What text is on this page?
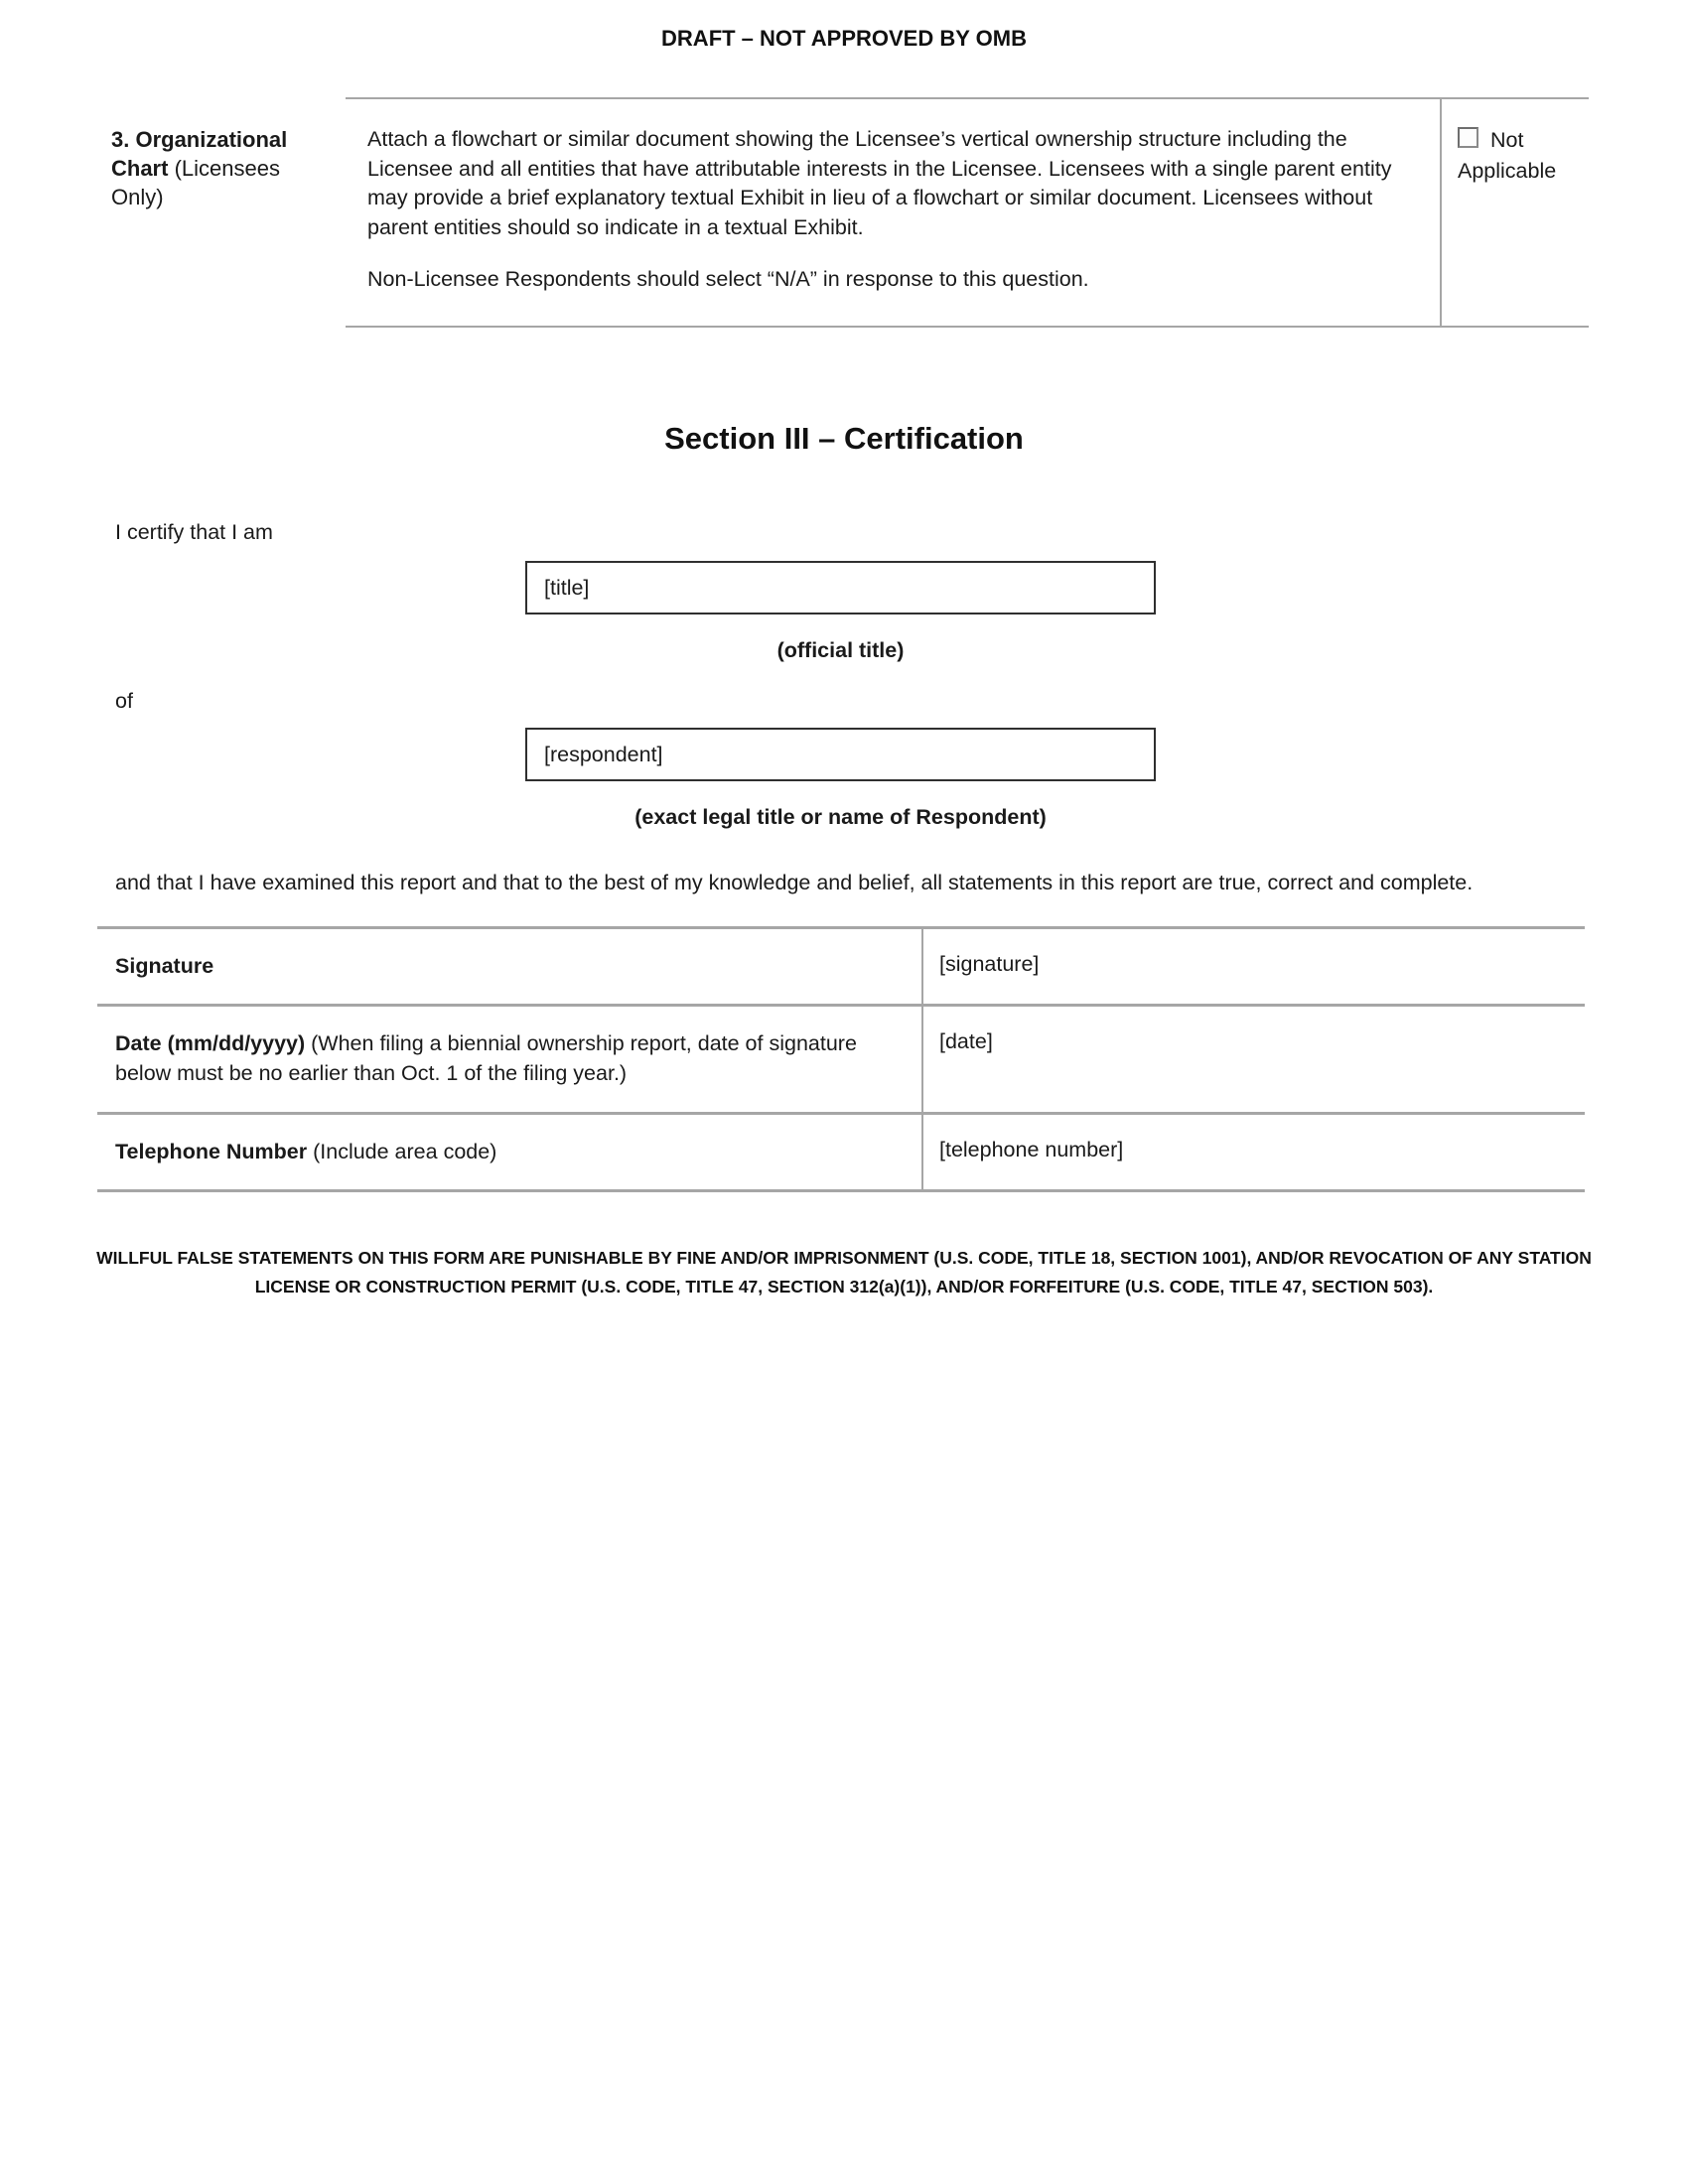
DRAFT – NOT APPROVED BY OMB
3. Organizational Chart (Licensees Only)

Attach a flowchart or similar document showing the Licensee’s vertical ownership structure including the Licensee and all entities that have attributable interests in the Licensee. Licensees with a single parent entity may provide a brief explanatory textual Exhibit in lieu of a flowchart or similar document. Licensees without parent entities should so indicate in a textual Exhibit.

Non-Licensee Respondents should select “N/A” in response to this question.

Not Applicable
Section III – Certification
I certify that I am
[title]
(official title)
of
[respondent]
(exact legal title or name of Respondent)
and that I have examined this report and that to the best of my knowledge and belief, all statements in this report are true, correct and complete.
Signature	[signature]
Date (mm/dd/yyyy) (When filing a biennial ownership report, date of signature below must be no earlier than Oct. 1 of the filing year.)
[date]
Telephone Number (Include area code)	[telephone number]
WILLFUL FALSE STATEMENTS ON THIS FORM ARE PUNISHABLE BY FINE AND/OR IMPRISONMENT (U.S. CODE, TITLE 18, SECTION 1001), AND/OR REVOCATION OF ANY STATION LICENSE OR CONSTRUCTION PERMIT (U.S. CODE, TITLE 47, SECTION 312(a)(1)), AND/OR FORFEITURE (U.S. CODE, TITLE 47, SECTION 503).
